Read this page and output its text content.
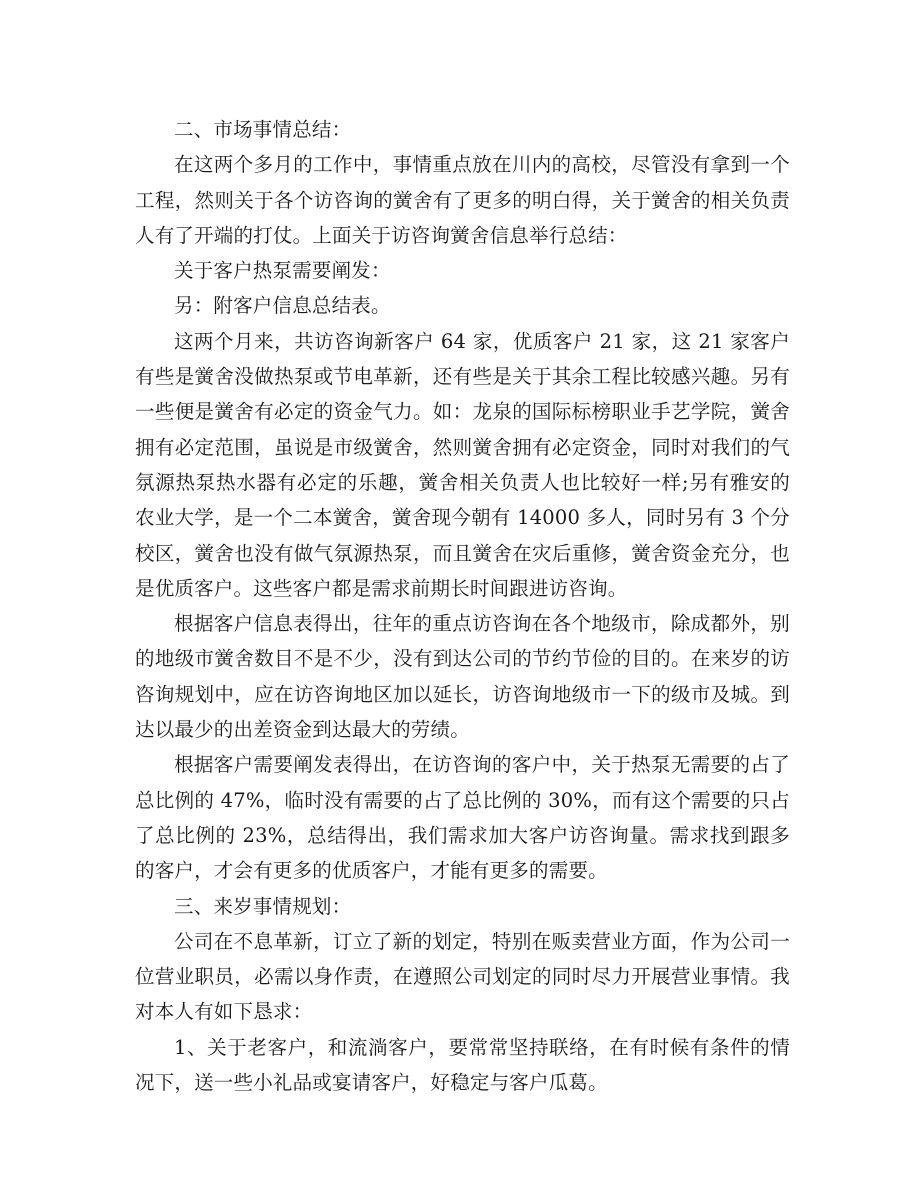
二、市场事情总结：

在这两个多月的工作中，事情重点放在川内的高校，尽管没有拿到一个工程，然则关于各个访咨询的黉舍有了更多的明白得，关于黉舍的相关负责人有了开端的打仗。上面关于访咨询黉舍信息举行总结：

关于客户热泵需要阐发：

另：附客户信息总结表。

这两个月来，共访咨询新客户 64 家，优质客户 21 家，这 21 家客户有些是黉舍没做热泵或节电革新，还有些是关于其余工程比较感兴趣。另有一些便是黉舍有必定的资金气力。如：龙泉的国际标榜职业手艺学院，黉舍拥有必定范围，虽说是市级黉舍，然则黉舍拥有必定资金，同时对我们的气氛源热泵热水器有必定的乐趣，黉舍相关负责人也比较好一样;另有雅安的农业大学，是一个二本黉舍，黉舍现今朝有 14000 多人，同时另有 3 个分校区，黉舍也没有做气氛源热泵，而且黉舍在灾后重修，黉舍资金充分，也是优质客户。这些客户都是需求前期长时间跟进访咨询。

根据客户信息表得出，往年的重点访咨询在各个地级市，除成都外，别的地级市黉舍数目不是不少，没有到达公司的节约节俭的目的。在来岁的访咨询规划中，应在访咨询地区加以延长，访咨询地级市一下的级市及城。到达以最少的出差资金到达最大的劳绩。

根据客户需要阐发表得出，在访咨询的客户中，关于热泵无需要的占了总比例的 47%，临时没有需要的占了总比例的 30%，而有这个需要的只占了总比例的 23%，总结得出，我们需求加大客户访咨询量。需求找到跟多的客户，才会有更多的优质客户，才能有更多的需要。

三、来岁事情规划：

公司在不息革新，订立了新的划定，特别在贩卖营业方面，作为公司一位营业职员，必需以身作责，在遵照公司划定的同时尽力开展营业事情。我对本人有如下恳求：

1、关于老客户，和流淌客户，要常常坚持联络，在有时候有条件的情况下，送一些小礼品或宴请客户，好稳定与客户瓜葛。
